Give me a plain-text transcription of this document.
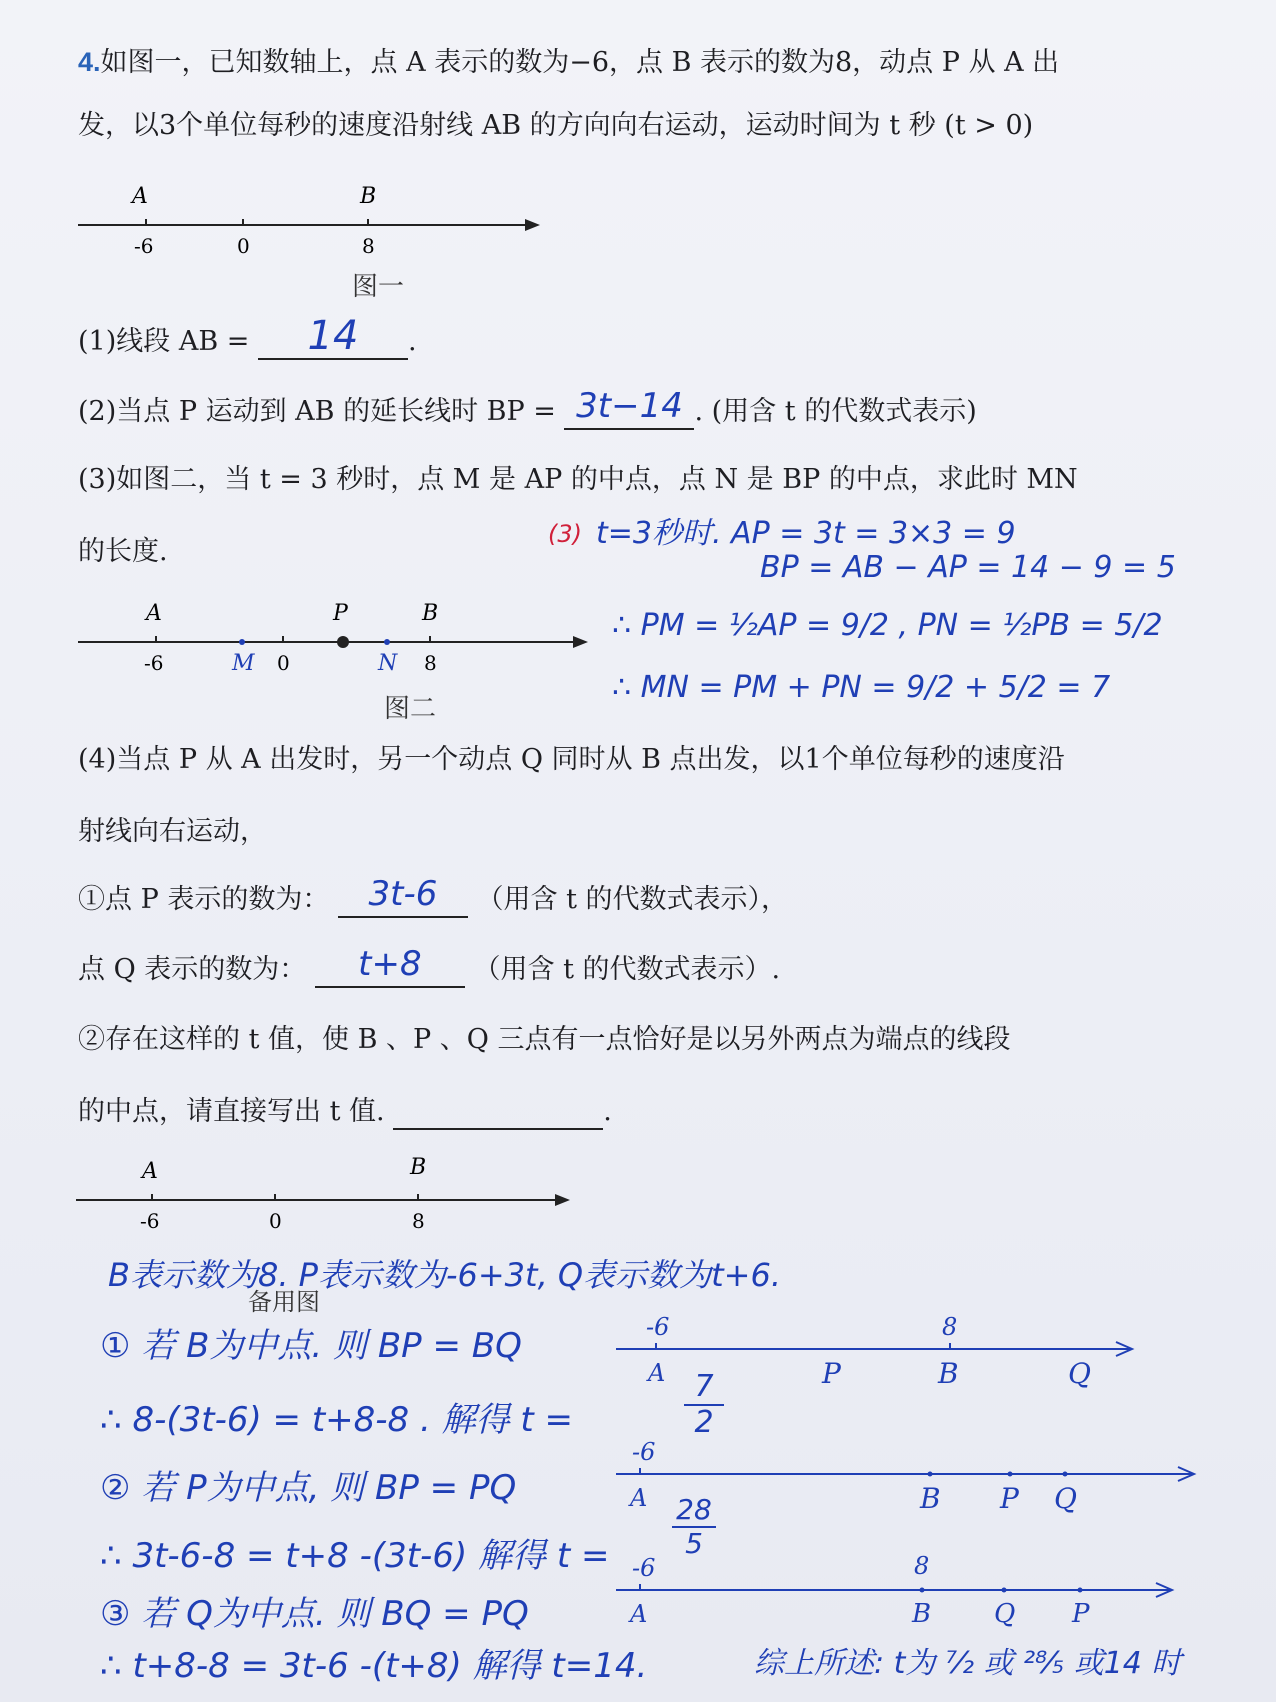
4.如图一，已知数轴上，点 A 表示的数为−6，点 B 表示的数为8，动点 P 从 A 出
发，以3个单位每秒的速度沿射线 AB 的方向向右运动，运动时间为 t 秒 (t > 0)
A	B
-6	0	8
图一
(1)线段 AB =	14	.
(2)当点 P 运动到 AB 的延长线时 BP = 3t−14 . (用含 t 的代数式表示)
(3)如图二，当 t = 3 秒时，点 M 是 AP 的中点，点 N 是 BP 的中点，求此时 MN
的长度.
(3) t=3秒时. AP = 3t = 3×3 = 9
BP = AB − AP = 14 − 9 = 5
∴ PM = ½AP = 9/2 , PN = ½PB = 5/2
∴ MN = PM + PN = 9/2 + 5/2 = 7
A	P	B
-6	M 0	N 8
图二
(4)当点 P 从 A 出发时，另一个动点 Q 同时从 B 点出发，以1个单位每秒的速度沿
射线向右运动，
①点 P 表示的数为：	3t-6	（用含 t 的代数式表示），
点 Q 表示的数为：	t+8	（用含 t 的代数式表示）.
②存在这样的 t 值，使 B 、P 、Q 三点有一点恰好是以另外两点为端点的线段
的中点，请直接写出 t 值.	.
A	B
-6	0	8
B表示数为8. P表示数为-6+3t, Q表示数为t+6.
备用图
① 若 B为中点. 则 BP = BQ
∴ 8-(3t-6) = t+8-8 . 解得 t =	$\frac{7}{2}$
② 若 P为中点, 则 BP = PQ
∴ 3t-6-8 = t+8 -(3t-6) 解得 $t = \frac{28}{5}$
③ 若 Q为中点. 则 BQ = PQ
∴ t+8-8 = 3t-6 -(t+8) 解得 t=14.	综上所述: t为 ⁷⁄₂ 或 ²⁸⁄₅ 或14 时
-6	8
A	P	B	Q
-6
A	B P Q
-6	8
A	B Q P
